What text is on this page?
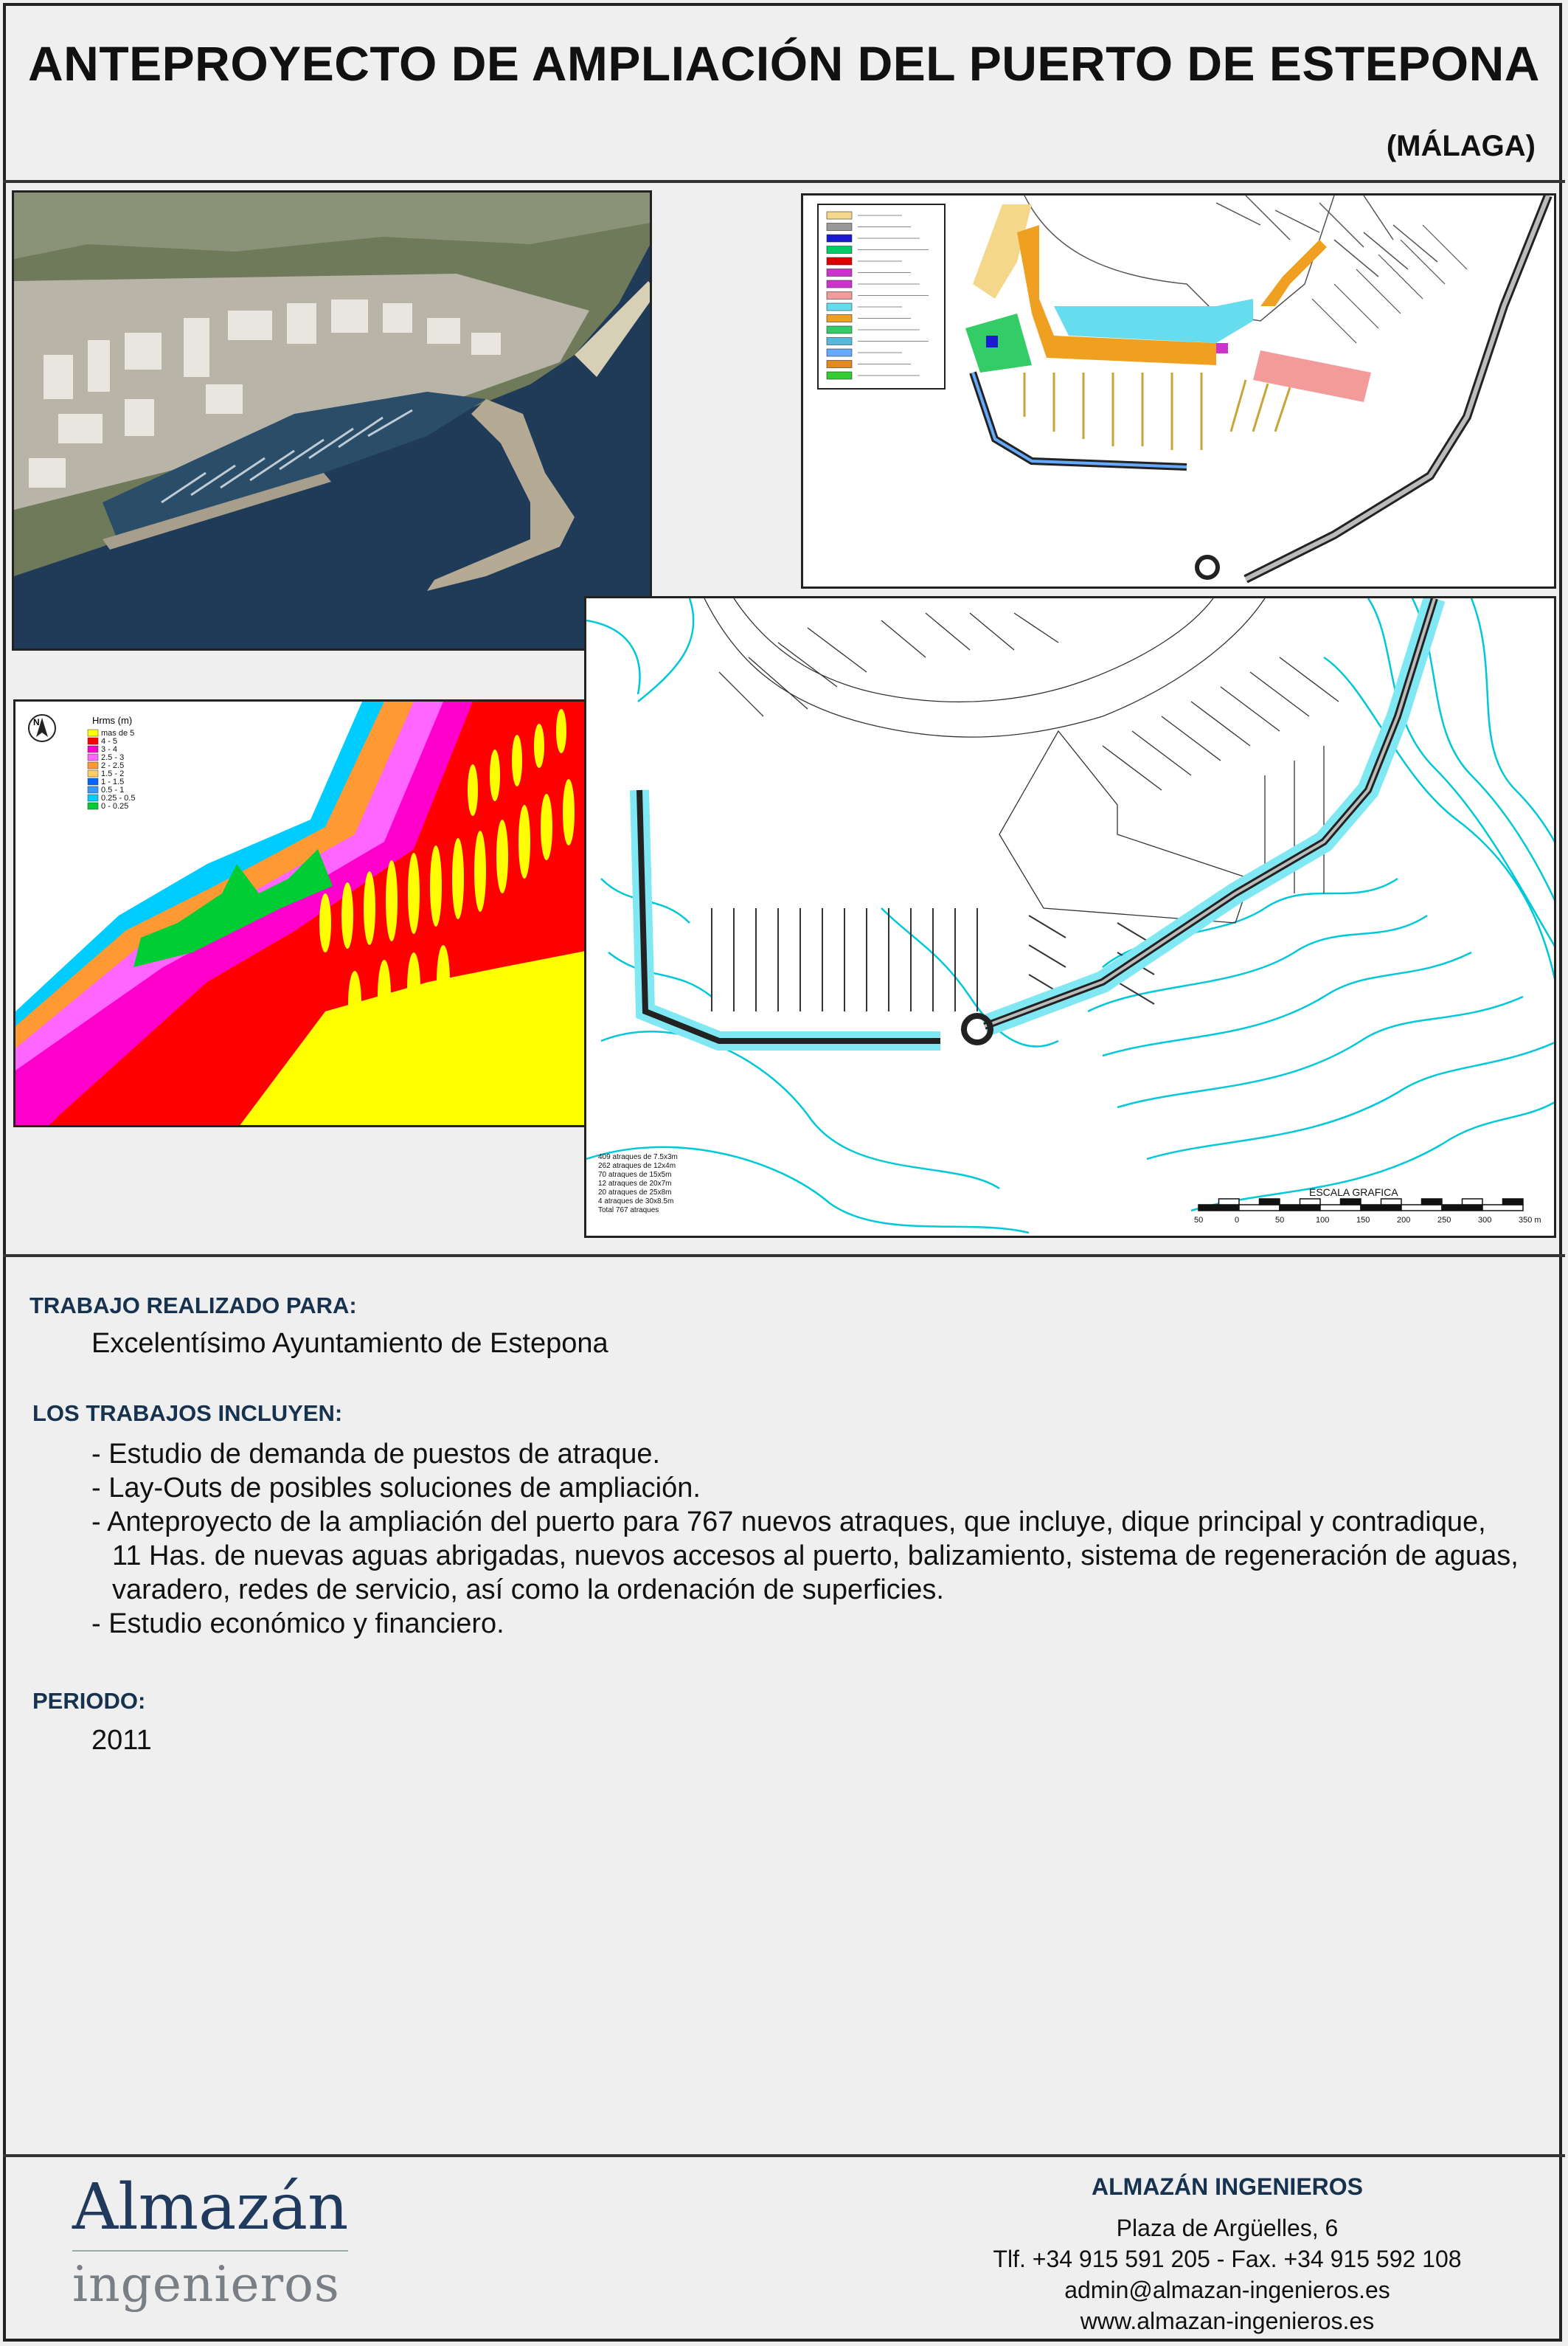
ANTEPROYECTO DE AMPLIACIÓN DEL PUERTO DE ESTEPONA
(MÁLAGA)
N	Hrms (m)
mas de 5
4 - 5
3 - 4
2.5 - 3
2 - 2.5
1.5 - 2
1 - 1.5
0.5 - 1
0.25 - 0.5
0 - 0.25
409 atraques de 7.5x3m
262 atraques de 12x4m
70 atraques de 15x5m
12 atraques de 20x7m
20 atraques de 25x8m
4 atraques de 30x8.5m
Total 767 atraques
ESCALA GRAFICA
50	0	50	100	150	200	250	300	350 m
TRABAJO REALIZADO PARA:
Excelentísimo Ayuntamiento de Estepona
LOS TRABAJOS INCLUYEN:
- Estudio de demanda de puestos de atraque.
- Lay-Outs de posibles soluciones de ampliación.
- Anteproyecto de la ampliación del puerto para 767 nuevos atraques, que incluye, dique principal y contradique, 11 Has. de nuevas aguas abrigadas, nuevos accesos al puerto, balizamiento, sistema de regeneración de aguas, varadero, redes de servicio, así como la ordenación de superficies.
- Estudio económico y financiero.
PERIODO:
2011
Almazán
ingenieros
ALMAZÁN INGENIEROS
Plaza de Argüelles, 6
Tlf. +34 915 591 205 - Fax. +34 915 592 108
admin@almazan-ingenieros.es
www.almazan-ingenieros.es
